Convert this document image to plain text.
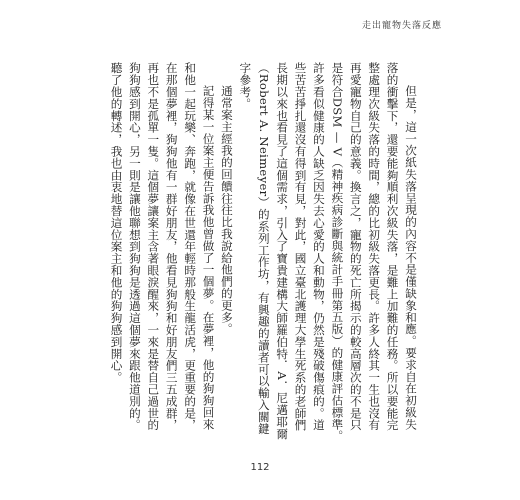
走出寵物失落反應

但是，這一次紙失落呈現的內容不是僅缺象和應。要求自在初級失落的衝擊下，還要能夠順利次級失落，是難上加難的任務。所以要能完整處理次級失落的時間，總的比初級失落更長。許多人終其一生也沒有再愛寵物自己的意義。換言之，寵物的死亡所揭示的較高層次的不是只是符合DSM — V（精神疾病診斷與統計手冊第五版）的健康評估標準。許多看似健康的人缺乏因失去心愛的人和動物，仍然是殘破傷痕的。道些苦苦掙扎還沒有得到有見，對此，國立臺北護理大學生死系的老師們長期以來也看見了這個需求，引入了寶貴建構大師羅伯特．A．尼邁耶爾（Robert A. Neimeyer）的系列工作坊，有興趣的讀者可以輸入關鍵字參考。

通常案主經我的回饋往往比我說給他們的更多。

記得某一位案主便告訴我他曾做了一個夢。在夢裡，他的狗狗回來和他一起玩樂、奔跑，就像在世還年輕時那般生龍活虎，更重要的是，在那個夢裡，狗狗他有一群好朋友，他看見狗狗和好朋友們三五成群，再也不是孤單一隻。這個夢讓案主含著眼淚醒來，一來是替自己過世的狗狗感到開心，另一則是讓他聯想到狗狗是透過這個夢來跟他道別的。聽了他的轉述，我也由衷地替這位案主和他的狗狗感到開心。

112
